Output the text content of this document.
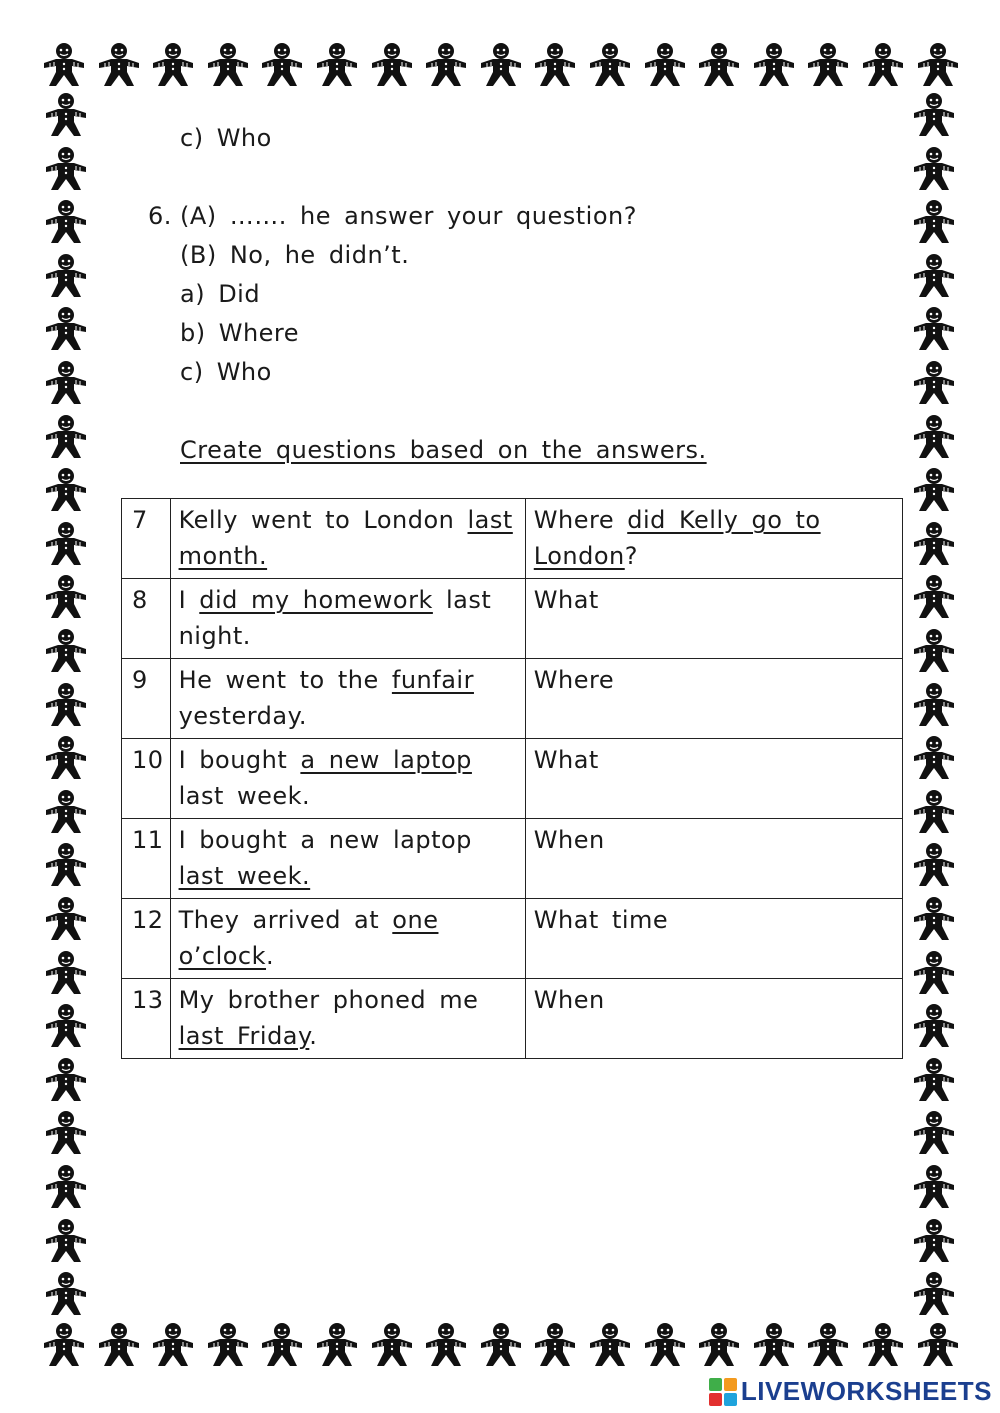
c) Who
6. (A) ……. he answer your question?
(B) No, he didn’t.
a) Did
b) Where
c) Who
Create questions based on the answers.
7	Kelly went to London last month.	Where did Kelly go to London?

8	I did my homework last night.	What

9	He went to the funfair yesterday.	Where

10	I bought a new laptop last week.	What

11	I bought a new laptop last week.	When

12	They arrived at one o’clock.	What time

13	My brother phoned me last Friday.	When
LIVEWORKSHEETS
